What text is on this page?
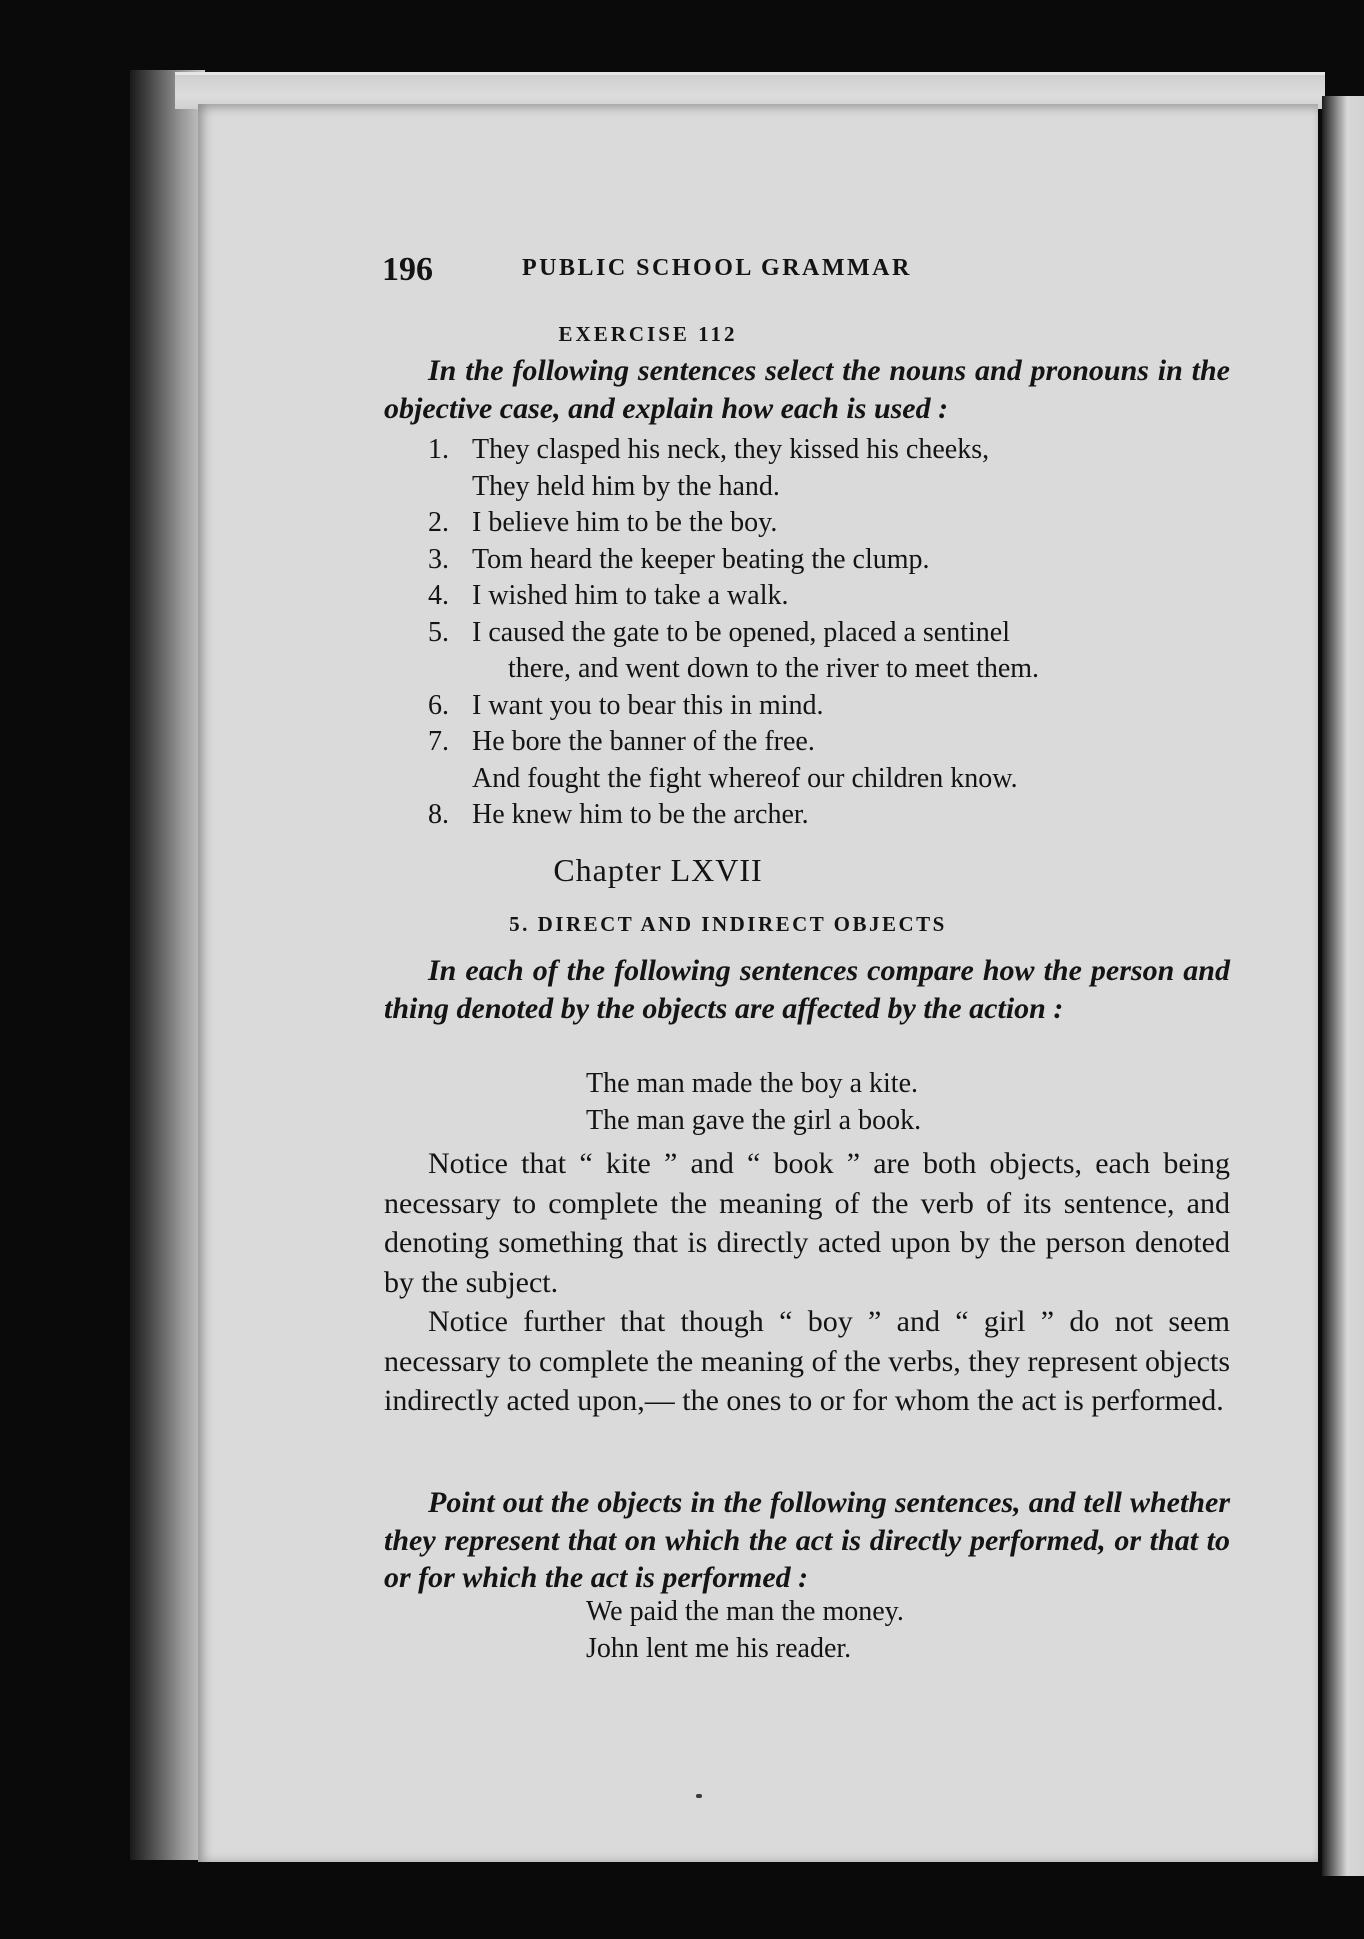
196	PUBLIC SCHOOL GRAMMAR
EXERCISE 112
In the following sentences select the nouns and pronouns in the objective case, and explain how each is used :
1. They clasped his neck, they kissed his cheeks,
They held him by the hand.
2. I believe him to be the boy.
3. Tom heard the keeper beating the clump.
4. I wished him to take a walk.
5. I caused the gate to be opened, placed a sentinel
there, and went down to the river to meet them.
6. I want you to bear this in mind.
7. He bore the banner of the free.
And fought the fight whereof our children know.
8. He knew him to be the archer.
Chapter LXVII
5. DIRECT AND INDIRECT OBJECTS
In each of the following sentences compare how the person and thing denoted by the objects are affected by the action :
The man made the boy a kite.
The man gave the girl a book.
Notice that “ kite ” and “ book ” are both objects, each being necessary to complete the meaning of the verb of its sentence, and denoting something that is directly acted upon by the person denoted by the subject.
Notice further that though “ boy ” and “ girl ” do not seem necessary to complete the meaning of the verbs, they represent objects indirectly acted upon,— the ones to or for whom the act is performed.
Point out the objects in the following sentences, and tell whether they represent that on which the act is directly performed, or that to or for which the act is performed :
We paid the man the money.
John lent me his reader.
